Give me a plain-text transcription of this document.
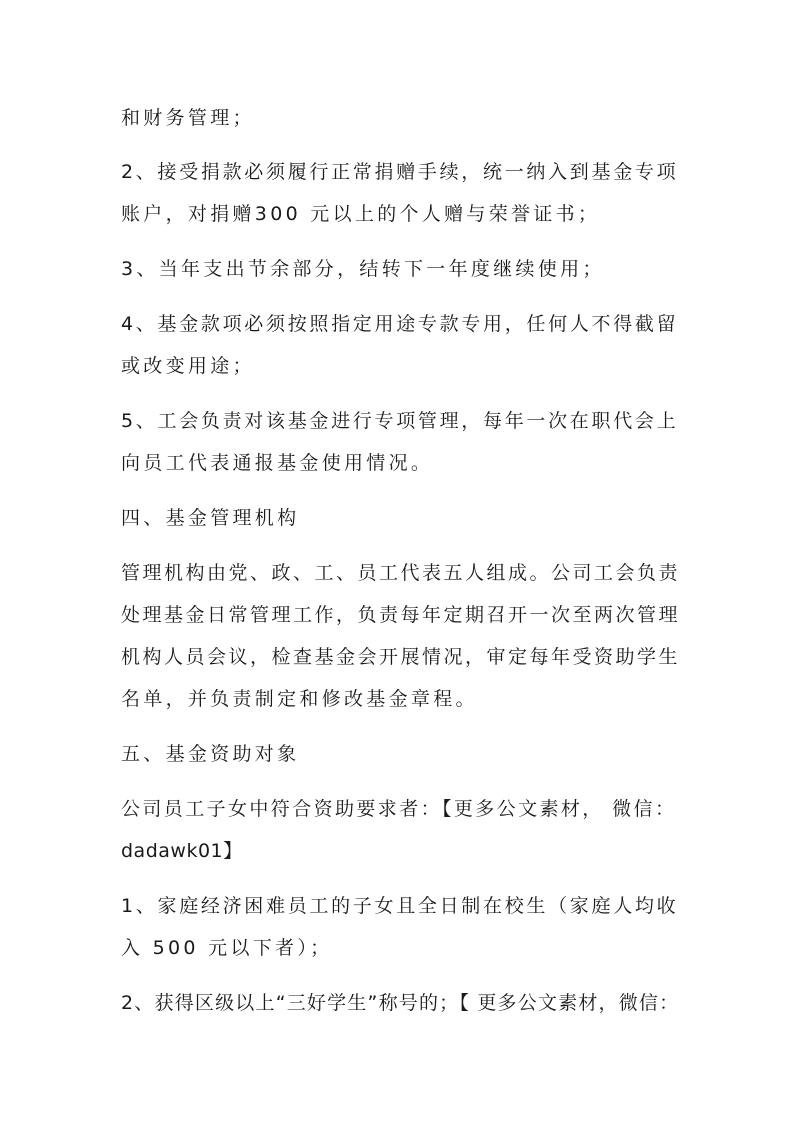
和财务管理；
2、接受捐款必须履行正常捐赠手续，统一纳入到基金专项
账户，对捐赠300 元以上的个人赠与荣誉证书；
3、当年支出节余部分，结转下一年度继续使用；
4、基金款项必须按照指定用途专款专用，任何人不得截留
或改变用途；
5、工会负责对该基金进行专项管理，每年一次在职代会上
向员工代表通报基金使用情况。
四、基金管理机构
管理机构由党、政、工、员工代表五人组成。公司工会负责
处理基金日常管理工作，负责每年定期召开一次至两次管理
机构人员会议，检查基金会开展情况，审定每年受资助学生
名单，并负责制定和修改基金章程。
五、基金资助对象
公司员工子女中符合资助要求者：【更多公文素材， 微信：
dadawk01】
1、家庭经济困难员工的子女且全日制在校生（家庭人均收
入 500 元以下者）；
2、获得区级以上“三好学生”称号的；【 更多公文素材，微信：
